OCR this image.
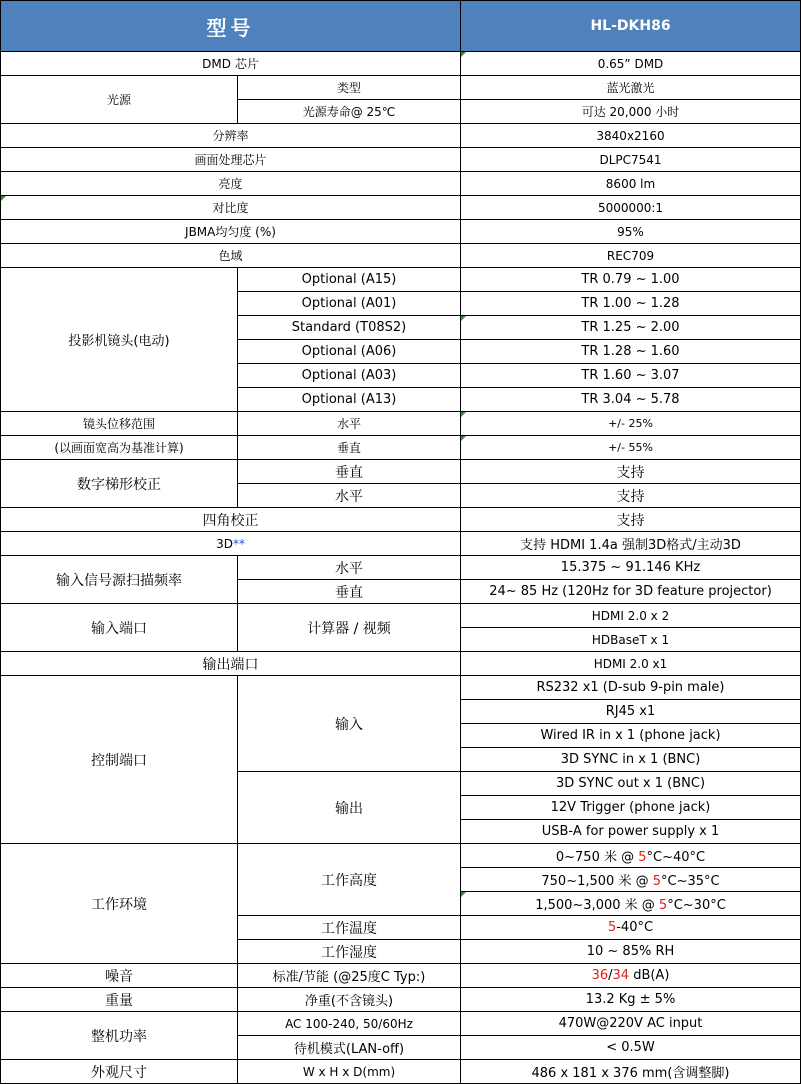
型号		HL-DKH86
DMD 芯片		0.65” DMD
光源	类型	蓝光激光
	光源寿命@ 25℃	可达 20,000 小时
分辨率		3840x2160
画面处理芯片		DLPC7541
亮度		8600 lm
对比度		5000000:1
JBMA均匀度 (%)		95%
色域		REC709
投影机镜头(电动)	Optional (A15)	TR 0.79 ~ 1.00
	Optional (A01)	TR 1.00 ~ 1.28
	Standard (T08S2)	TR 1.25 ~ 2.00
	Optional (A06)	TR 1.28 ~ 1.60
	Optional (A03)	TR 1.60 ~ 3.07
	Optional (A13)	TR 3.04 ~ 5.78
镜头位移范围	水平	+/- 25%
(以画面宽高为基准计算)	垂直	+/- 55%
数字梯形校正	垂直	支持
	水平	支持
四角校正		支持
3D**		支持 HDMI 1.4a 强制3D格式/主动3D
输入信号源扫描频率	水平	15.375 ~ 91.146 KHz
	垂直	24~ 85 Hz (120Hz for 3D feature projector)
输入端口	计算器 / 视频	HDMI 2.0 x 2
		HDBaseT x 1
输出端口		HDMI 2.0 x1
控制端口	输入	RS232 x1 (D-sub 9-pin male)
		RJ45 x1
		Wired IR in x 1 (phone jack)
		3D SYNC in x 1 (BNC)
	输出	3D SYNC out x 1 (BNC)
		12V Trigger (phone jack)
		USB-A for power supply x 1
工作环境	工作高度	0~750 米 @ 5°C~40°C
		750~1,500 米 @ 5°C~35°C
		1,500~3,000 米 @ 5°C~30°C
	工作温度	5-40°C
	工作湿度	10 ~ 85% RH
噪音	标准/节能 (@25度C Typ:)	36/34 dB(A)
重量	净重(不含镜头)	13.2 Kg ± 5%
整机功率	AC 100-240, 50/60Hz	470W@220V AC input
	待机模式(LAN-off)	< 0.5W
外观尺寸	W x H x D(mm)	486 x 181 x 376 mm(含调整脚)
